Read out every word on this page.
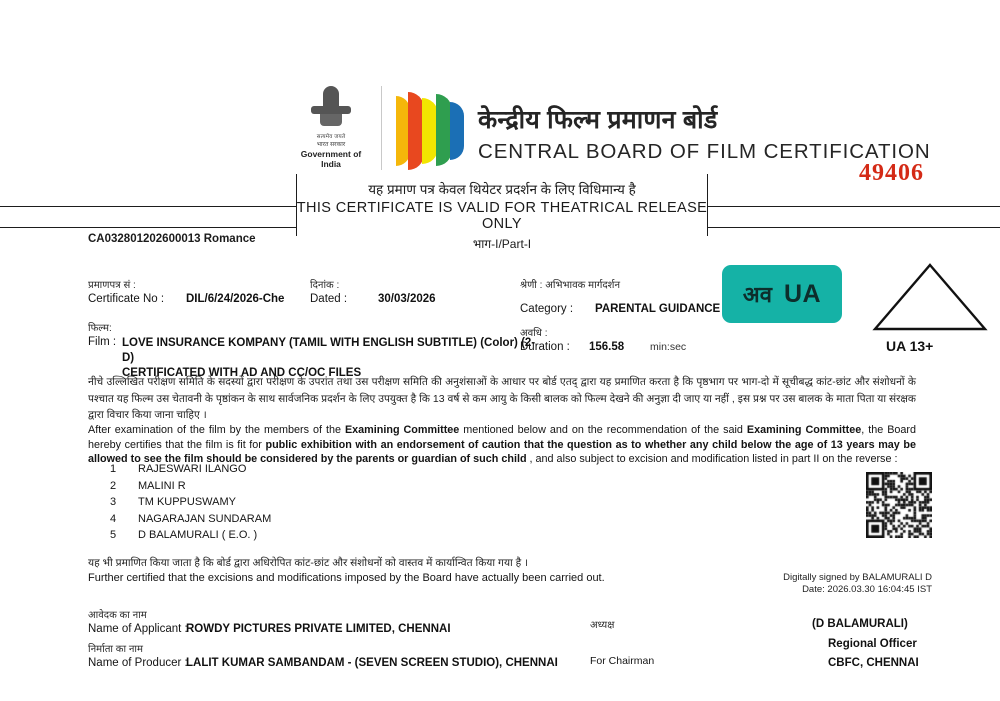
सत्यमेव जयते
भारत सरकार
Government of India
केन्द्रीय फिल्म प्रमाणन बोर्ड
CENTRAL BOARD OF FILM CERTIFICATION
49406
यह प्रमाण पत्र केवल थियेटर प्रदर्शन के लिए विधिमान्य है
THIS CERTIFICATE IS VALID FOR THEATRICAL RELEASE ONLY
भाग-I/Part-I
CA032801202600013 Romance
प्रमाणपत्र सं :
Certificate No : DIL/6/24/2026-Che
दिनांक :
Dated :	30/03/2026
फिल्म:
Film : LOVE INSURANCE KOMPANY (TAMIL WITH ENGLISH SUBTITLE) (Color) (2-D)
CERTIFICATED WITH AD AND CC/OC FILES
श्रेणी : अभिभावक मार्गदर्शन
Category : PARENTAL GUIDANCE
अवधि :
Duration : 156.58 min:sec
अव UA
UA 13+
नीचे उल्लिखित परीक्षण समिति के सदस्यों द्वारा परीक्षण के उपरांत तथा उस परीक्षण समिति की अनुशंसाओं के आधार पर बोर्ड एतद् द्वारा यह प्रमाणित करता है कि पृष्ठभाग पर भाग-दो में सूचीबद्ध कांट-छांट और संशोधनों के पश्चात यह फिल्म उस चेतावनी के पृष्ठांकन के साथ सार्वजनिक प्रदर्शन के लिए उपयुक्त है कि 13 वर्ष से कम आयु के किसी बालक को फिल्म देखने की अनुज्ञा दी जाए या नहीं , इस प्रश्न पर उस बालक के माता पिता या संरक्षक द्वारा विचार किया जाना चाहिए ।
After examination of the film by the members of the Examining Committee mentioned below and on the recommendation of the said Examining Committee, the Board hereby certifies that the film is fit for public exhibition with an endorsement of caution that the question as to whether any child below the age of 13 years may be allowed to see the film should be considered by the parents or guardian of such child , and also subject to excision and modification listed in part II on the reverse :
1 RAJESWARI ILANGO
2 MALINI R
3 TM KUPPUSWAMY
4 NAGARAJAN SUNDARAM
5 D BALAMURALI ( E.O. )
यह भी प्रमाणित किया जाता है कि बोर्ड द्वारा अधिरोपित कांट-छांट और संशोधनों को वास्तव में कार्यान्वित किया गया है ।
Further certified that the excisions and modifications imposed by the Board have actually been carried out.	Digitally signed by BALAMURALI D
Date: 2026.03.30 16:04:45 IST
आवेदक का नाम
Name of Applicant :
ROWDY PICTURES PRIVATE LIMITED, CHENNAI
निर्माता का नाम
Name of Producer :
LALIT KUMAR SAMBANDAM - (SEVEN SCREEN STUDIO), CHENNAI
अध्यक्ष
For Chairman
(D BALAMURALI)
Regional Officer
CBFC, CHENNAI
